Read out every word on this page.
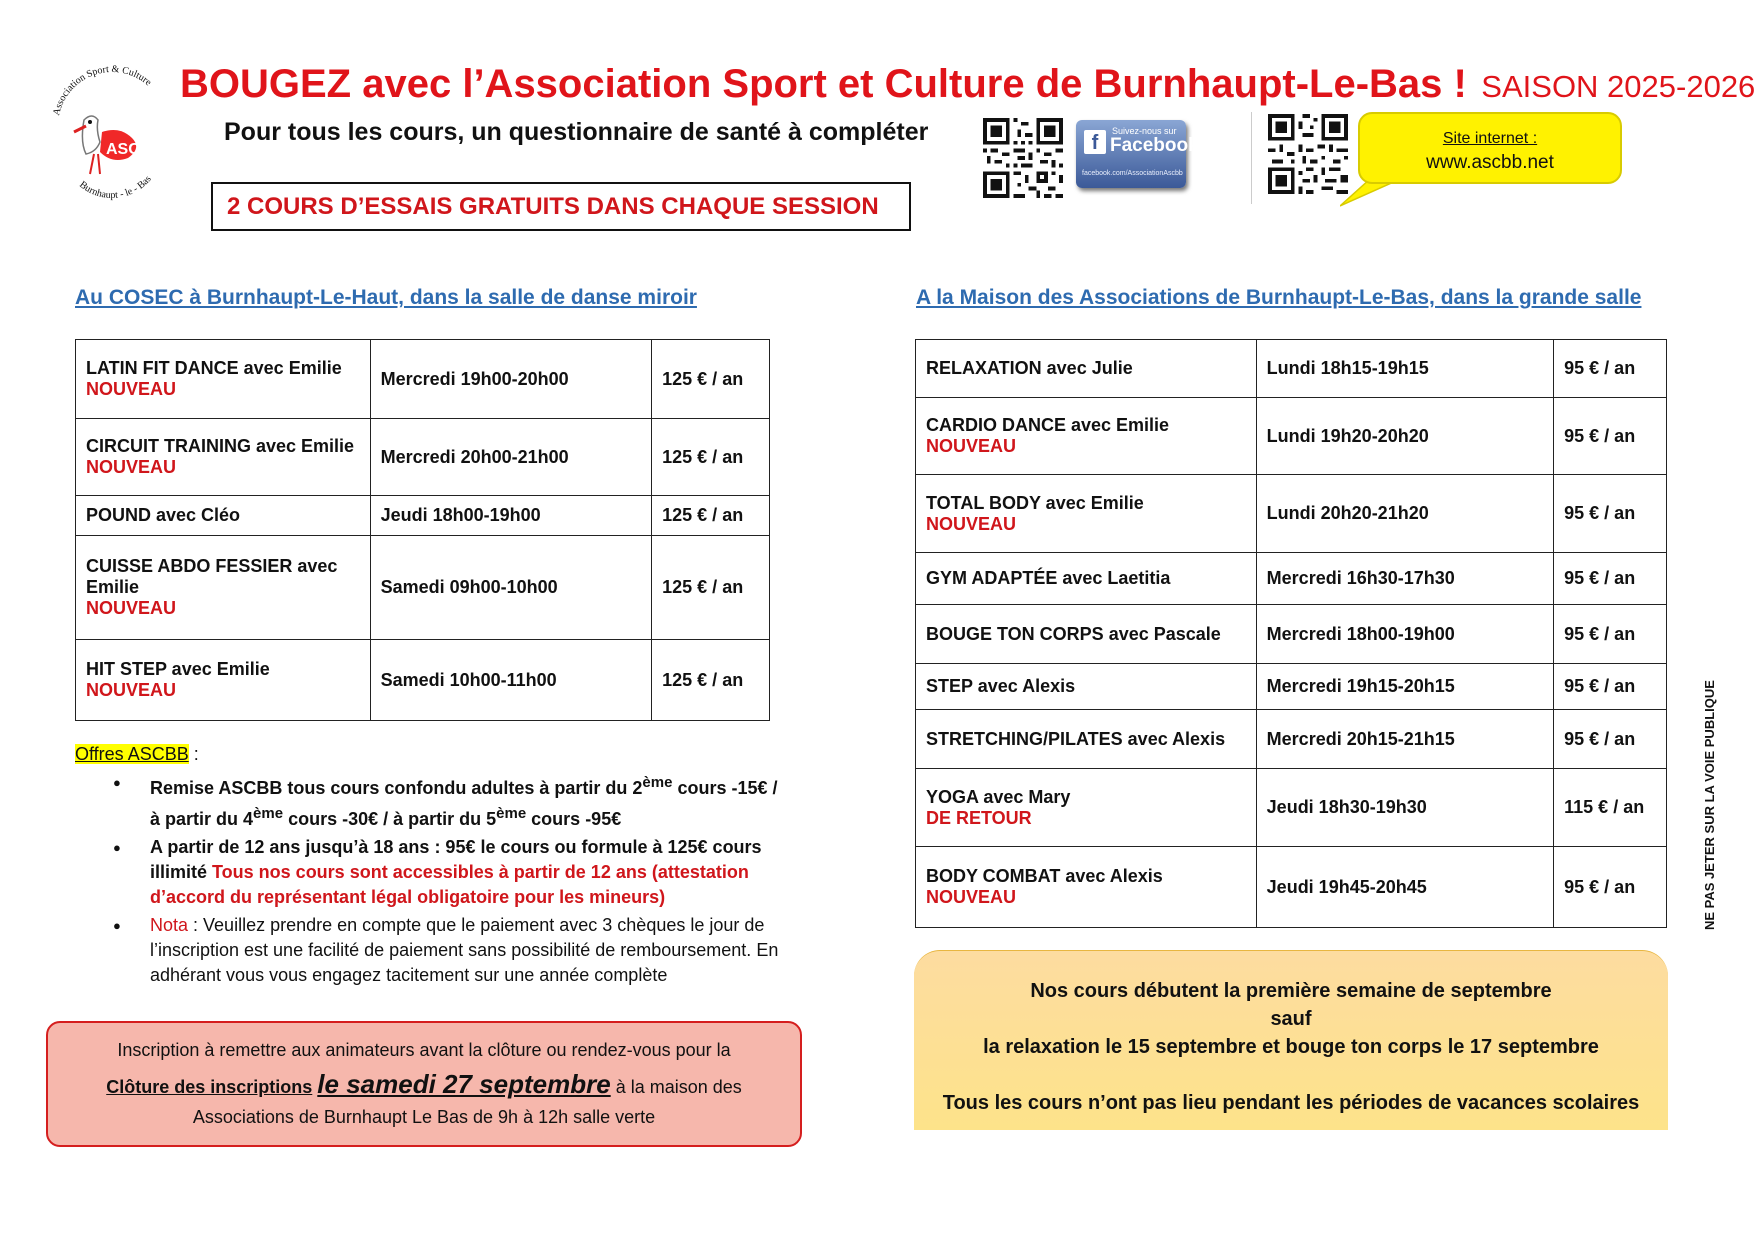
Association Sport & Culture
Burnhaupt - le - Bas
ASC
BOUGEZ avec l’Association Sport et Culture de Burnhaupt-Le-Bas ! SAISON 2025-2026
Pour tous les cours, un questionnaire de santé à compléter
2 COURS D’ESSAIS GRATUITS DANS CHAQUE SESSION
f
Suivez-nous sur
Facebook
facebook.com/AssociationAscbb
Site internet :
www.ascbb.net
Au COSEC à Burnhaupt-Le-Haut, dans la salle de danse miroir	A la Maison des Associations de Burnhaupt-Le-Bas, dans la grande salle
LATIN FIT DANCE avec Emilie
NOUVEAU	Mercredi 19h00-20h00	125 € / an

CIRCUIT TRAINING avec Emilie
NOUVEAU	Mercredi 20h00-21h00	125 € / an

POUND avec Cléo	Jeudi 18h00-19h00	125 € / an

CUISSE ABDO FESSIER avec Emilie
NOUVEAU	Samedi 09h00-10h00	125 € / an

HIT STEP avec Emilie
NOUVEAU	Samedi 10h00-11h00	125 € / an
RELAXATION avec Julie	Lundi 18h15-19h15	95 € / an

CARDIO DANCE avec Emilie
NOUVEAU	Lundi 19h20-20h20	95 € / an

TOTAL BODY avec Emilie
NOUVEAU	Lundi 20h20-21h20	95 € / an

GYM ADAPTÉE avec Laetitia	Mercredi 16h30-17h30	95 € / an

BOUGE TON CORPS avec Pascale	Mercredi 18h00-19h00	95 € / an

STEP avec Alexis	Mercredi 19h15-20h15	95 € / an

STRETCHING/PILATES avec Alexis	Mercredi 20h15-21h15	95 € / an

YOGA avec Mary
DE RETOUR	Jeudi 18h30-19h30	115 € / an

BODY COMBAT avec Alexis
NOUVEAU	Jeudi 19h45-20h45	95 € / an
Offres ASCBB :
● Remise ASCBB tous cours confondu adultes à partir du 2ème cours -15€ / à partir du 4ème cours -30€ / à partir du 5ème cours -95€
● A partir de 12 ans jusqu’à 18 ans : 95€ le cours ou formule à 125€ cours illimité Tous nos cours sont accessibles à partir de 12 ans (attestation d’accord du représentant légal obligatoire pour les mineurs)
● Nota : Veuillez prendre en compte que le paiement avec 3 chèques le jour de l’inscription est une facilité de paiement sans possibilité de remboursement. En adhérant vous vous engagez tacitement sur une année complète
Inscription à remettre aux animateurs avant la clôture ou rendez-vous pour la
Clôture des inscriptions le samedi 27 septembre à la maison des
Associations de Burnhaupt Le Bas de 9h à 12h salle verte
Nos cours débutent la première semaine de septembre
sauf
la relaxation le 15 septembre et bouge ton corps le 17 septembre
Tous les cours n’ont pas lieu pendant les périodes de vacances scolaires
NE PAS JETER SUR LA VOIE PUBLIQUE
